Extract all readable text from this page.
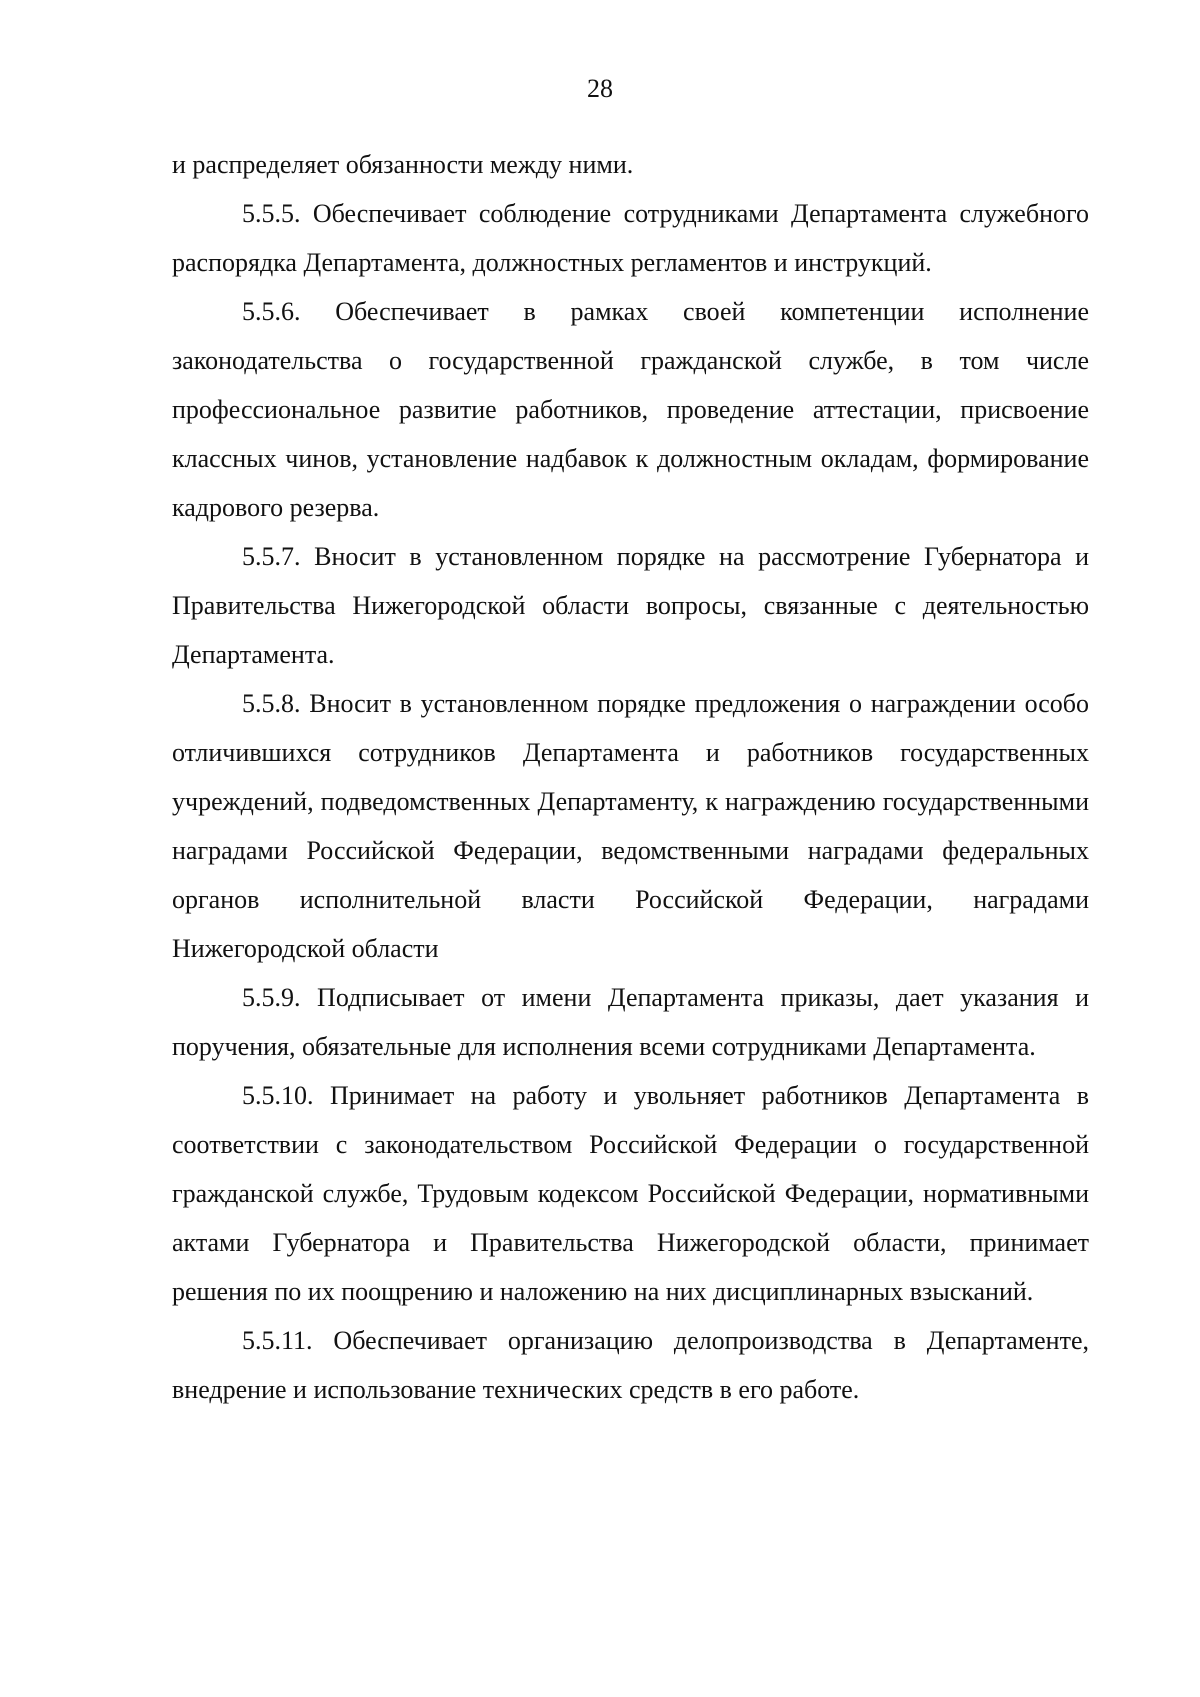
28

и распределяет обязанности между ними.

5.5.5. Обеспечивает соблюдение сотрудниками Департамента служебного распорядка Департамента, должностных регламентов и инструкций.

5.5.6. Обеспечивает в рамках своей компетенции исполнение законодательства о государственной гражданской службе, в том числе профессиональное развитие работников, проведение аттестации, присвоение классных чинов, установление надбавок к должностным окладам, формирование кадрового резерва.

5.5.7. Вносит в установленном порядке на рассмотрение Губернатора и Правительства Нижегородской области вопросы, связанные с деятельностью Департамента.

5.5.8. Вносит в установленном порядке предложения о награждении особо отличившихся сотрудников Департамента и работников государственных учреждений, подведомственных Департаменту, к награждению государственными наградами Российской Федерации, ведомственными наградами федеральных органов исполнительной власти Российской Федерации, наградами Нижегородской области

5.5.9. Подписывает от имени Департамента приказы, дает указания и поручения, обязательные для исполнения всеми сотрудниками Департамента.

5.5.10. Принимает на работу и увольняет работников Департамента в соответствии с законодательством Российской Федерации о государственной гражданской службе, Трудовым кодексом Российской Федерации, нормативными актами Губернатора и Правительства Нижегородской области, принимает решения по их поощрению и наложению на них дисциплинарных взысканий.

5.5.11. Обеспечивает организацию делопроизводства в Департаменте, внедрение и использование технических средств в его работе.
